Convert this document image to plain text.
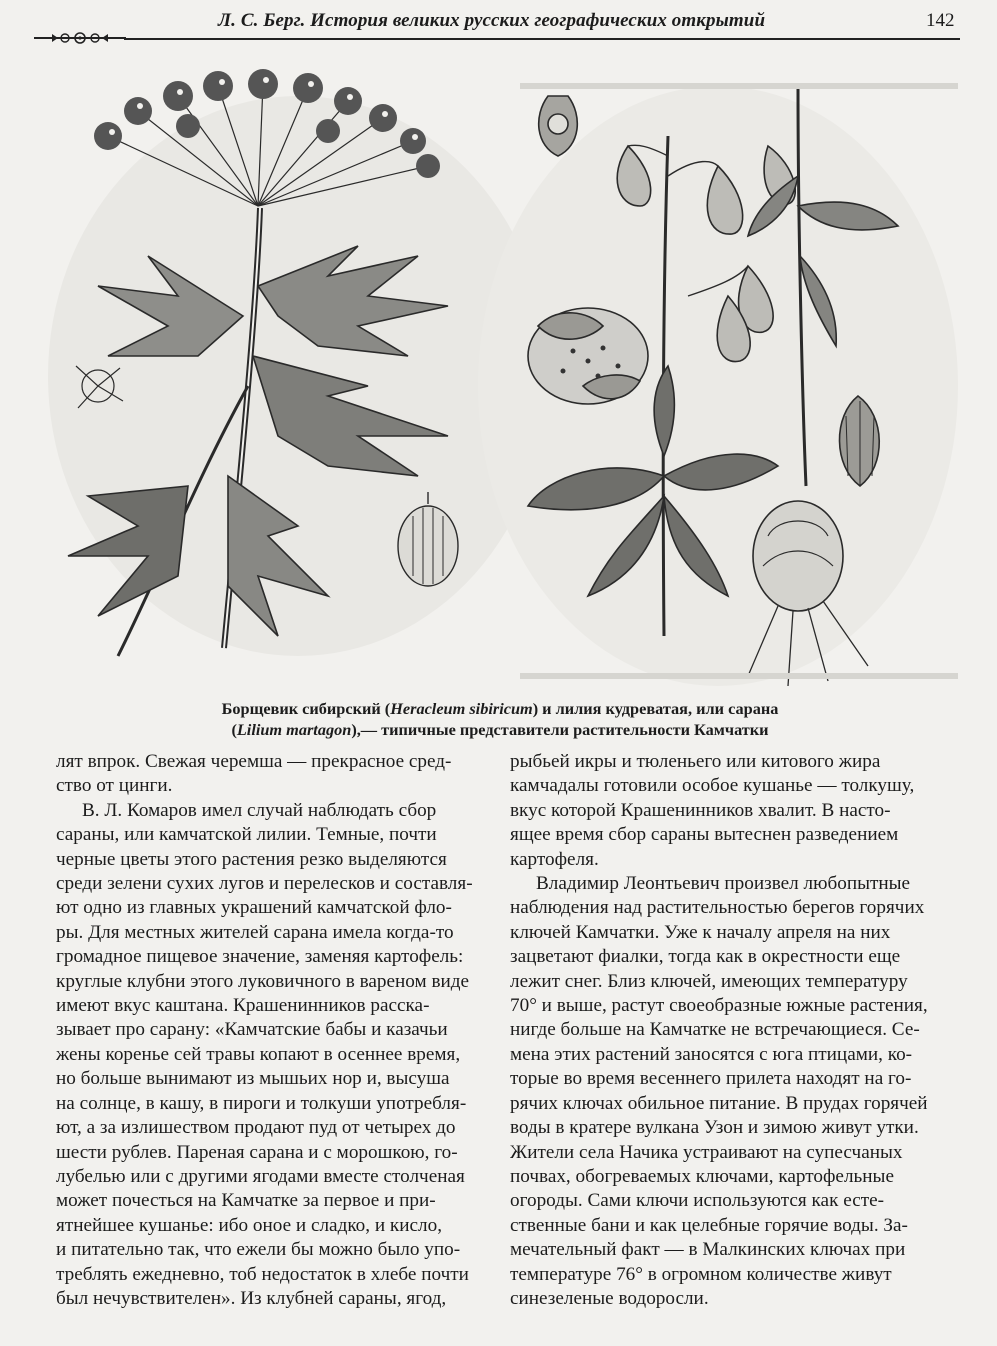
Л. С. Берг. История великих русских географических открытий	142
Борщевик сибирский (Heracleum sibiricum) и лилия кудреватая, или сарана
(Lilium martagon),— типичные представители растительности Камчатки
лят впрок. Свежая черемша — прекрасное сред-
ство от цинги.
В. Л. Комаров имел случай наблюдать сбор
сараны, или камчатской лилии. Темные, почти
черные цветы этого растения резко выделяются
среди зелени сухих лугов и перелесков и составля-
ют одно из главных украшений камчатской фло-
ры. Для местных жителей сарана имела когда-то
громадное пищевое значение, заменяя картофель:
круглые клубни этого луковичного в вареном виде
имеют вкус каштана. Крашенинников расска-
зывает про сарану: «Камчатские бабы и казачьи
жены коренье сей травы копают в осеннее время,
но больше вынимают из мышьих нор и, высуша
на солнце, в кашу, в пироги и толкуши употребля-
ют, а за излишеством продают пуд от четырех до
шести рублев. Пареная сарана и с морошкою, го-
лубелью или с другими ягодами вместе столченая
может почесться на Камчатке за первое и при-
ятнейшее кушанье: ибо оное и сладко, и кисло,
и питательно так, что ежели бы можно было упо-
треблять ежедневно, тоб недостаток в хлебе почти
был нечувствителен». Из клубней сараны, ягод,
рыбьей икры и тюленьего или китового жира
камчадалы готовили особое кушанье — толкушу,
вкус которой Крашенинников хвалит. В насто-
ящее время сбор сараны вытеснен разведением
картофеля.
Владимир Леонтьевич произвел любопытные
наблюдения над растительностью берегов горячих
ключей Камчатки. Уже к началу апреля на них
зацветают фиалки, тогда как в окрестности еще
лежит снег. Близ ключей, имеющих температуру
70° и выше, растут своеобразные южные растения,
нигде больше на Камчатке не встречающиеся. Се-
мена этих растений заносятся с юга птицами, ко-
торые во время весеннего прилета находят на го-
рячих ключах обильное питание. В прудах горячей
воды в кратере вулкана Узон и зимою живут утки.
Жители села Начика устраивают на супесчаных
почвах, обогреваемых ключами, картофельные
огороды. Сами ключи используются как есте-
ственные бани и как целебные горячие воды. За-
мечательный факт — в Малкинских ключах при
температуре 76° в огромном количестве живут
синезеленые водоросли.
